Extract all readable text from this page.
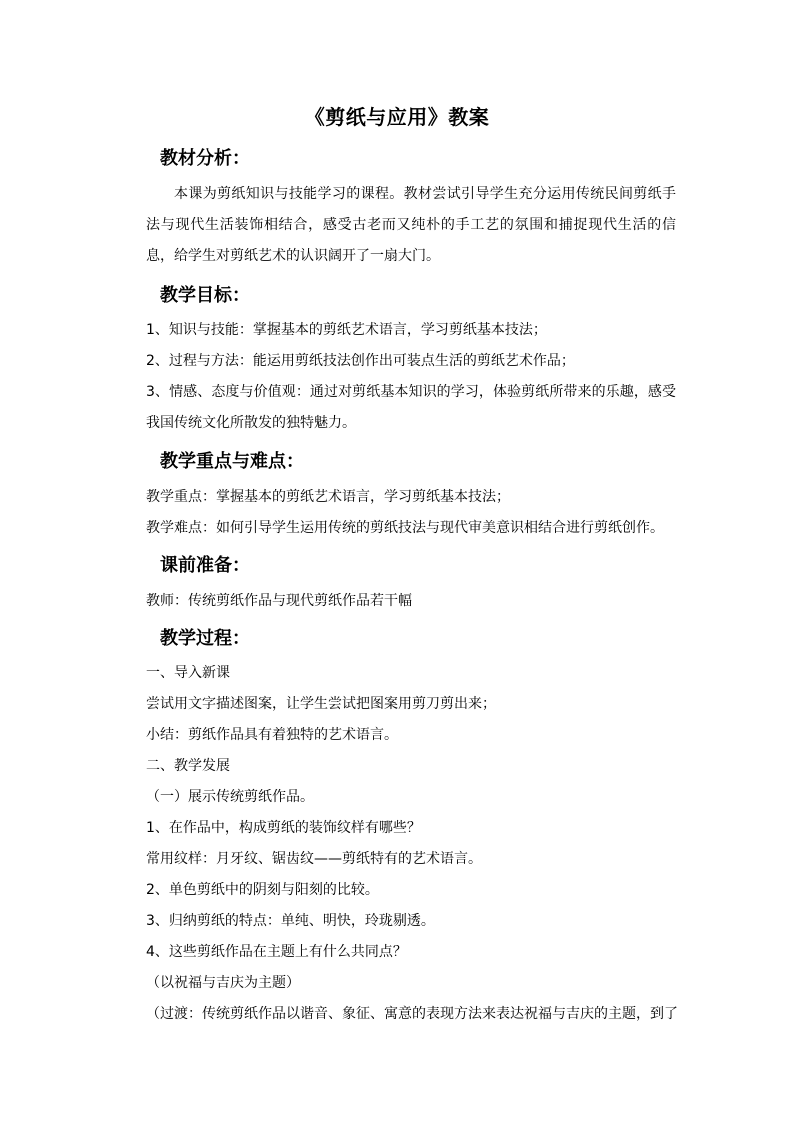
《剪纸与应用》教案
教材分析：
本课为剪纸知识与技能学习的课程。教材尝试引导学生充分运用传统民间剪纸手法与现代生活装饰相结合，感受古老而又纯朴的手工艺的氛围和捕捉现代生活的信息，给学生对剪纸艺术的认识阔开了一扇大门。
教学目标：
1、知识与技能：掌握基本的剪纸艺术语言，学习剪纸基本技法；
2、过程与方法：能运用剪纸技法创作出可装点生活的剪纸艺术作品；
3、情感、态度与价值观：通过对剪纸基本知识的学习，体验剪纸所带来的乐趣，感受我国传统文化所散发的独特魅力。
教学重点与难点：
教学重点：掌握基本的剪纸艺术语言，学习剪纸基本技法；
教学难点：如何引导学生运用传统的剪纸技法与现代审美意识相结合进行剪纸创作。
课前准备：
教师：传统剪纸作品与现代剪纸作品若干幅
教学过程：
一、导入新课
尝试用文字描述图案，让学生尝试把图案用剪刀剪出来；
小结：剪纸作品具有着独特的艺术语言。
二、教学发展
（一）展示传统剪纸作品。
1、在作品中，构成剪纸的装饰纹样有哪些？
常用纹样：月牙纹、锯齿纹——剪纸特有的艺术语言。
2、单色剪纸中的阴刻与阳刻的比较。
3、归纳剪纸的特点：单纯、明快，玲珑剔透。
4、这些剪纸作品在主题上有什么共同点？
（以祝福与吉庆为主题）
（过渡：传统剪纸作品以谐音、象征、寓意的表现方法来表达祝福与吉庆的主题，到了
